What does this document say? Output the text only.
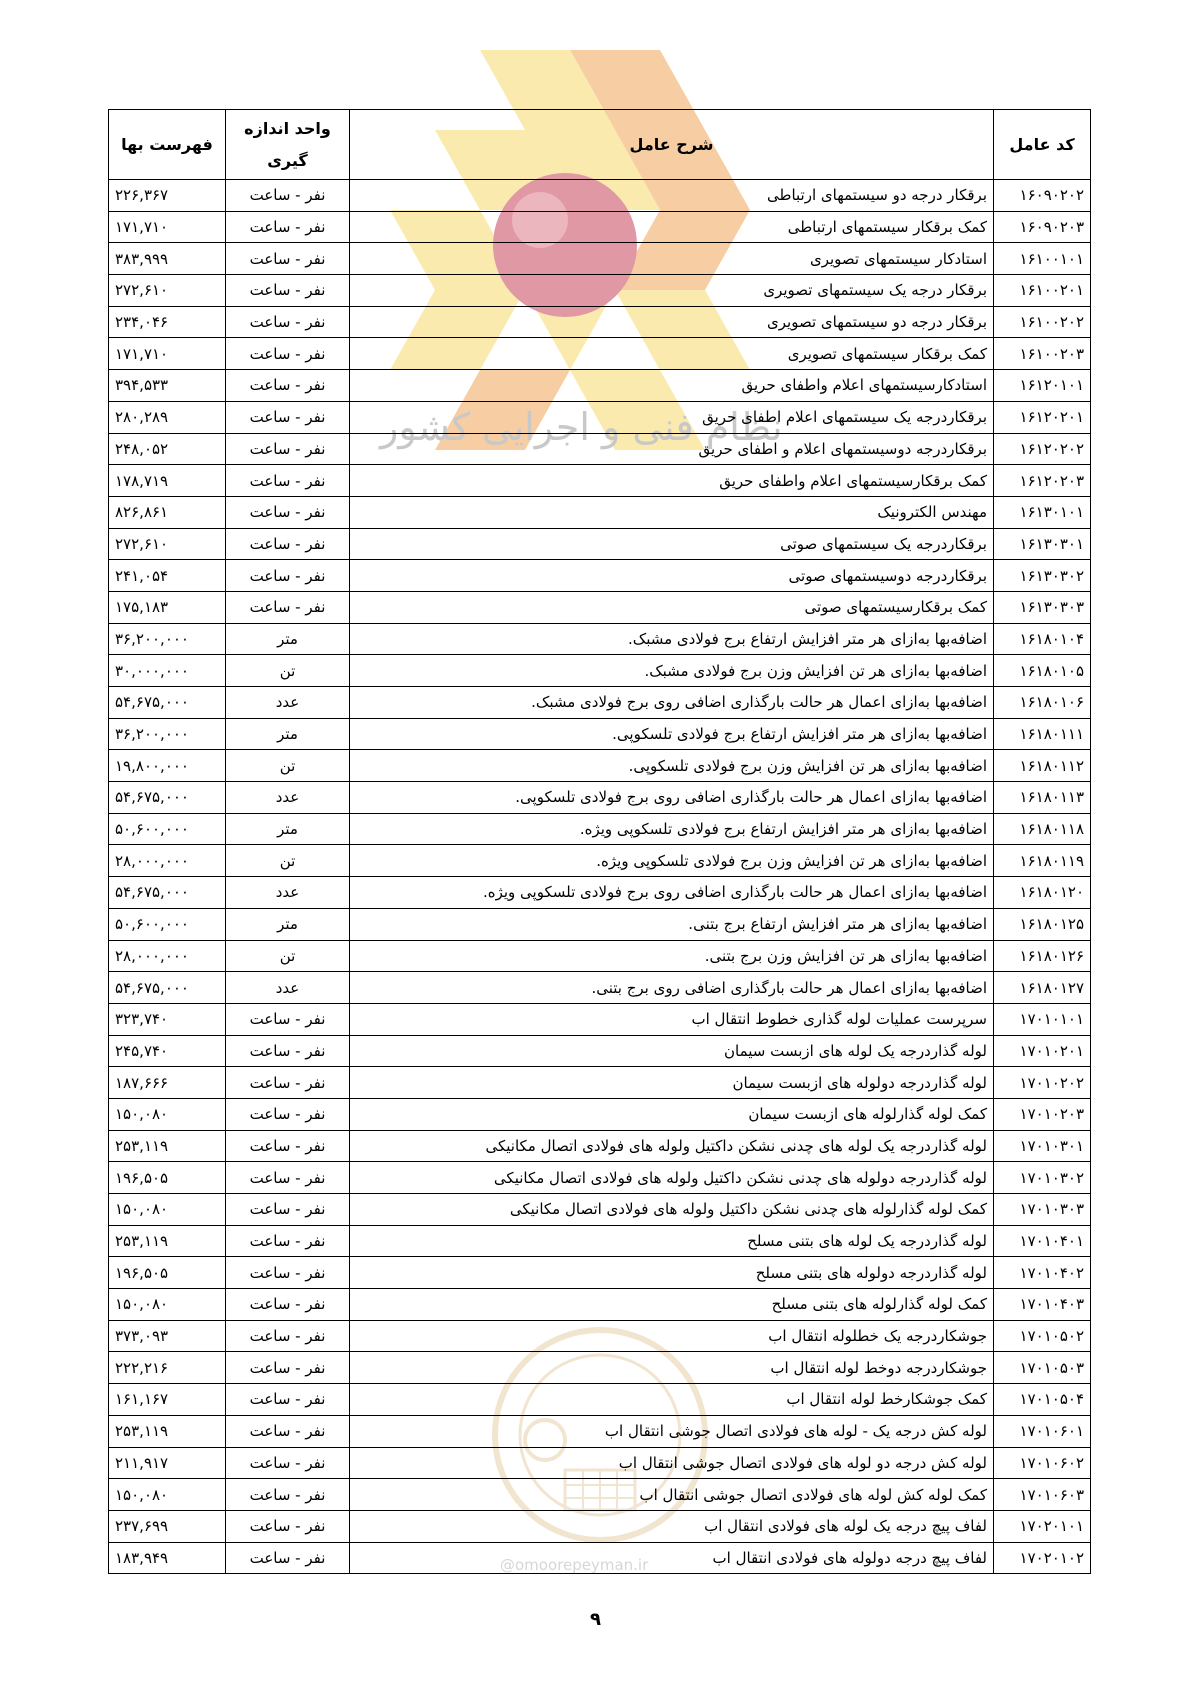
نظام فنی و اجرایی کشور
@omoorepeyman.ir
کد عامل	شرح عامل	واحد اندازه گیری	فهرست بها
۱۶۰۹۰۲۰۲	برقکار درجه دو سیستمهای ارتباطی	نفر - ساعت	۲۲۶,۳۶۷
۱۶۰۹۰۲۰۳	کمک برقکار سیستمهای ارتباطی	نفر - ساعت	۱۷۱,۷۱۰
۱۶۱۰۰۱۰۱	استادکار سیستمهای تصویری	نفر - ساعت	۳۸۳,۹۹۹
۱۶۱۰۰۲۰۱	برقکار درجه یک سیستمهای تصویری	نفر - ساعت	۲۷۲,۶۱۰
۱۶۱۰۰۲۰۲	برقکار درجه دو سیستمهای تصویری	نفر - ساعت	۲۳۴,۰۴۶
۱۶۱۰۰۲۰۳	کمک برقکار سیستمهای تصویری	نفر - ساعت	۱۷۱,۷۱۰
۱۶۱۲۰۱۰۱	استادکارسیستمهای اعلام واطفای حریق	نفر - ساعت	۳۹۴,۵۳۳
۱۶۱۲۰۲۰۱	برقکاردرجه یک سیستمهای اعلام اطفای حریق	نفر - ساعت	۲۸۰,۲۸۹
۱۶۱۲۰۲۰۲	برقکاردرجه دوسیستمهای اعلام و اطفای حریق	نفر - ساعت	۲۴۸,۰۵۲
۱۶۱۲۰۲۰۳	کمک برقکارسیستمهای اعلام واطفای حریق	نفر - ساعت	۱۷۸,۷۱۹
۱۶۱۳۰۱۰۱	مهندس الکترونیک	نفر - ساعت	۸۲۶,۸۶۱
۱۶۱۳۰۳۰۱	برقکاردرجه یک سیستمهای صوتی	نفر - ساعت	۲۷۲,۶۱۰
۱۶۱۳۰۳۰۲	برقکاردرجه دوسیستمهای صوتی	نفر - ساعت	۲۴۱,۰۵۴
۱۶۱۳۰۳۰۳	کمک برقکارسیستمهای صوتی	نفر - ساعت	۱۷۵,۱۸۳
۱۶۱۸۰۱۰۴	اضافه‌بها به‌ازای هر متر افزایش ارتفاع برج فولادی مشبک.	متر	۳۶,۲۰۰,۰۰۰
۱۶۱۸۰۱۰۵	اضافه‌بها به‌ازای هر تن افزایش وزن برج فولادی مشبک.	تن	۳۰,۰۰۰,۰۰۰
۱۶۱۸۰۱۰۶	اضافه‌بها به‌ازای اعمال هر حالت بارگذاری اضافی روی برج فولادی مشبک.	عدد	۵۴,۶۷۵,۰۰۰
۱۶۱۸۰۱۱۱	اضافه‌بها به‌ازای هر متر افزایش ارتفاع برج فولادی تلسکوپی.	متر	۳۶,۲۰۰,۰۰۰
۱۶۱۸۰۱۱۲	اضافه‌بها به‌ازای هر تن افزایش وزن برج فولادی تلسکوپی.	تن	۱۹,۸۰۰,۰۰۰
۱۶۱۸۰۱۱۳	اضافه‌بها به‌ازای اعمال هر حالت بارگذاری اضافی روی برج فولادی تلسکوپی.	عدد	۵۴,۶۷۵,۰۰۰
۱۶۱۸۰۱۱۸	اضافه‌بها به‌ازای هر متر افزایش ارتفاع برج فولادی تلسکوپی ویژه.	متر	۵۰,۶۰۰,۰۰۰
۱۶۱۸۰۱۱۹	اضافه‌بها به‌ازای هر تن افزایش وزن برج فولادی تلسکوپی ویژه.	تن	۲۸,۰۰۰,۰۰۰
۱۶۱۸۰۱۲۰	اضافه‌بها به‌ازای اعمال هر حالت بارگذاری اضافی روی برج فولادی تلسکوپی ویژه.	عدد	۵۴,۶۷۵,۰۰۰
۱۶۱۸۰۱۲۵	اضافه‌بها به‌ازای هر متر افزایش ارتفاع برج بتنی.	متر	۵۰,۶۰۰,۰۰۰
۱۶۱۸۰۱۲۶	اضافه‌بها به‌ازای هر تن افزایش وزن برج بتنی.	تن	۲۸,۰۰۰,۰۰۰
۱۶۱۸۰۱۲۷	اضافه‌بها به‌ازای اعمال هر حالت بارگذاری اضافی روی برج بتنی.	عدد	۵۴,۶۷۵,۰۰۰
۱۷۰۱۰۱۰۱	سرپرست عملیات لوله گذاری خطوط انتقال اب	نفر - ساعت	۳۲۳,۷۴۰
۱۷۰۱۰۲۰۱	لوله گذاردرجه یک لوله های ازبست سیمان	نفر - ساعت	۲۴۵,۷۴۰
۱۷۰۱۰۲۰۲	لوله گذاردرجه دولوله های ازبست سیمان	نفر - ساعت	۱۸۷,۶۶۶
۱۷۰۱۰۲۰۳	کمک لوله گذارلوله های ازبست سیمان	نفر - ساعت	۱۵۰,۰۸۰
۱۷۰۱۰۳۰۱	لوله گذاردرجه یک لوله های چدنی نشکن داکتیل ولوله های فولادی اتصال مکانیکی	نفر - ساعت	۲۵۳,۱۱۹
۱۷۰۱۰۳۰۲	لوله گذاردرجه دولوله های چدنی نشکن داکتیل ولوله های فولادی اتصال مکانیکی	نفر - ساعت	۱۹۶,۵۰۵
۱۷۰۱۰۳۰۳	کمک لوله گذارلوله های چدنی نشکن داکتیل ولوله های فولادی اتصال مکانیکی	نفر - ساعت	۱۵۰,۰۸۰
۱۷۰۱۰۴۰۱	لوله گذاردرجه یک لوله های بتنی مسلح	نفر - ساعت	۲۵۳,۱۱۹
۱۷۰۱۰۴۰۲	لوله گذاردرجه دولوله های بتنی مسلح	نفر - ساعت	۱۹۶,۵۰۵
۱۷۰۱۰۴۰۳	کمک لوله گذارلوله های بتنی مسلح	نفر - ساعت	۱۵۰,۰۸۰
۱۷۰۱۰۵۰۲	جوشکاردرجه یک خطلوله انتقال اب	نفر - ساعت	۳۷۳,۰۹۳
۱۷۰۱۰۵۰۳	جوشکاردرجه دوخط لوله انتقال اب	نفر - ساعت	۲۲۲,۲۱۶
۱۷۰۱۰۵۰۴	کمک جوشکارخط لوله انتقال اب	نفر - ساعت	۱۶۱,۱۶۷
۱۷۰۱۰۶۰۱	لوله کش درجه یک - لوله های فولادی اتصال جوشی انتقال اب	نفر - ساعت	۲۵۳,۱۱۹
۱۷۰۱۰۶۰۲	لوله کش درجه دو لوله های فولادی اتصال جوشی انتقال اب	نفر - ساعت	۲۱۱,۹۱۷
۱۷۰۱۰۶۰۳	کمک لوله کش لوله های فولادی اتصال جوشی انتقال اب	نفر - ساعت	۱۵۰,۰۸۰
۱۷۰۲۰۱۰۱	لفاف پیچ درجه یک لوله های فولادی انتقال اب	نفر - ساعت	۲۳۷,۶۹۹
۱۷۰۲۰۱۰۲	لفاف پیچ درجه دولوله های فولادی انتقال اب	نفر - ساعت	۱۸۳,۹۴۹
۹
